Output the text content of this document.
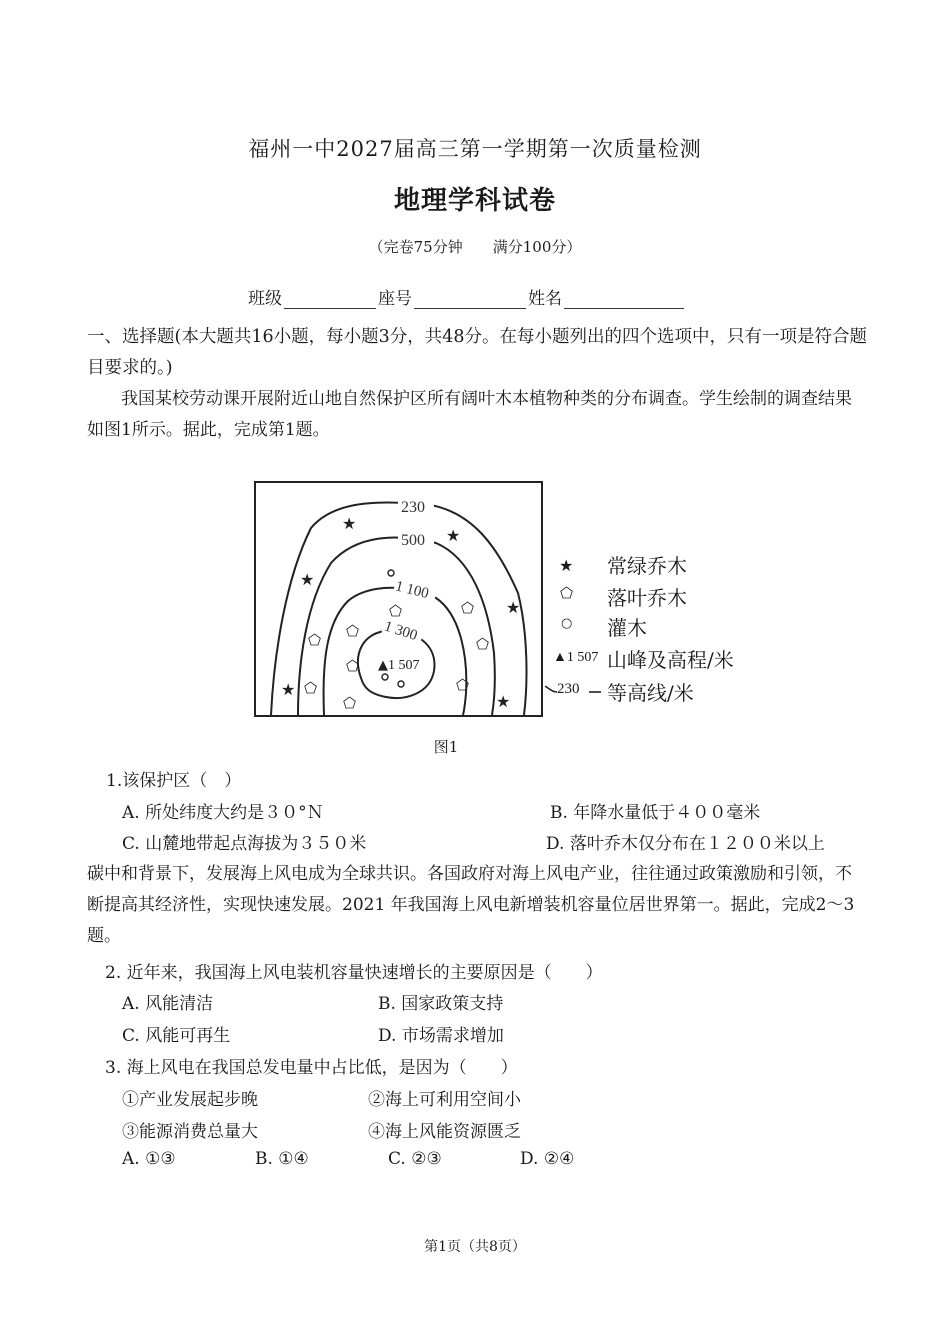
福州一中2027届高三第一学期第一次质量检测
地理学科试卷
（完卷75分钟　　满分100分）
班级	座号	姓名
一、选择题(本大题共16小题，每小题3分，共48分。在每小题列出的四个选项中，只有一项是符合题目要求的。)
我国某校劳动课开展附近山地自然保护区所有阔叶木本植物种类的分布调查。学生绘制的调查结果如图1所示。据此，完成第1题。
230
500
1 100
1 300
▲ 1 507
★
★
★
★
★
★
⬠	⬠
⬠ ⬠
⬠
⬠
⬠
⬠
⬠
★ 常绿乔木
⬠ 落叶乔木
○ 灌木
▲1 507 山峰及高程/米
230 等高线/米
图1
1.该保护区（　）
A. 所处纬度大约是３０°Ｎ	B. 年降水量低于４００毫米
C. 山麓地带起点海拔为３５０米	D. 落叶乔木仅分布在１２００米以上
碳中和背景下，发展海上风电成为全球共识。各国政府对海上风电产业，往往通过政策激励和引领，不断提高其经济性，实现快速发展。2021 年我国海上风电新增装机容量位居世界第一。据此，完成2～3题。
2. 近年来，我国海上风电装机容量快速增长的主要原因是（　　）
A. 风能清洁	B. 国家政策支持
C. 风能可再生	D. 市场需求增加
3. 海上风电在我国总发电量中占比低，是因为（　　）
①产业发展起步晚	②海上可利用空间小
③能源消费总量大	④海上风能资源匮乏
A. ①③	B. ①④	C. ②③	D. ②④
第1页（共8页）
